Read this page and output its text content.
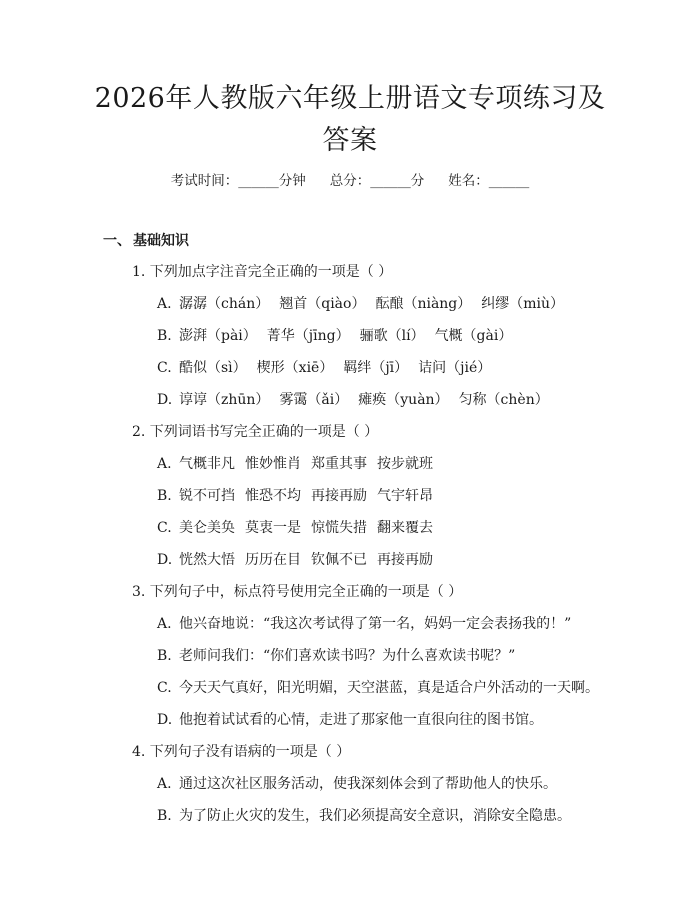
2026年人教版六年级上册语文专项练习及答案
考试时间：______分钟 总分：______分 姓名：______
一、 基础知识
1. 下列加点字注音完全正确的一项是（ ）
A. 潺潺（chán） 翘首（qiào） 酝酿（niàng） 纠缪（miù）
B. 澎湃（pài） 菁华（jīng） 骊歌（lí） 气概（gài）
C. 酷似（sì） 楔形（xiē） 羁绊（jī） 诘问（jié）
D. 谆谆（zhūn） 雾霭（ǎi） 瘫痪（yuàn） 匀称（chèn）
2. 下列词语书写完全正确的一项是（ ）
A. 气概非凡 惟妙惟肖 郑重其事 按步就班
B. 锐不可挡 惟恐不均 再接再励 气宇轩昂
C. 美仑美奂 莫衷一是 惊慌失措 翻来覆去
D. 恍然大悟 历历在目 钦佩不已 再接再励
3. 下列句子中，标点符号使用完全正确的一项是（ ）
A. 他兴奋地说：“我这次考试得了第一名，妈妈一定会表扬我的！”
B. 老师问我们：“你们喜欢读书吗？为什么喜欢读书呢？”
C. 今天天气真好，阳光明媚，天空湛蓝，真是适合户外活动的一天啊。
D. 他抱着试试看的心情，走进了那家他一直很向往的图书馆。
4. 下列句子没有语病的一项是（ ）
A. 通过这次社区服务活动，使我深刻体会到了帮助他人的快乐。
B. 为了防止火灾的发生，我们必须提高安全意识，消除安全隐患。
